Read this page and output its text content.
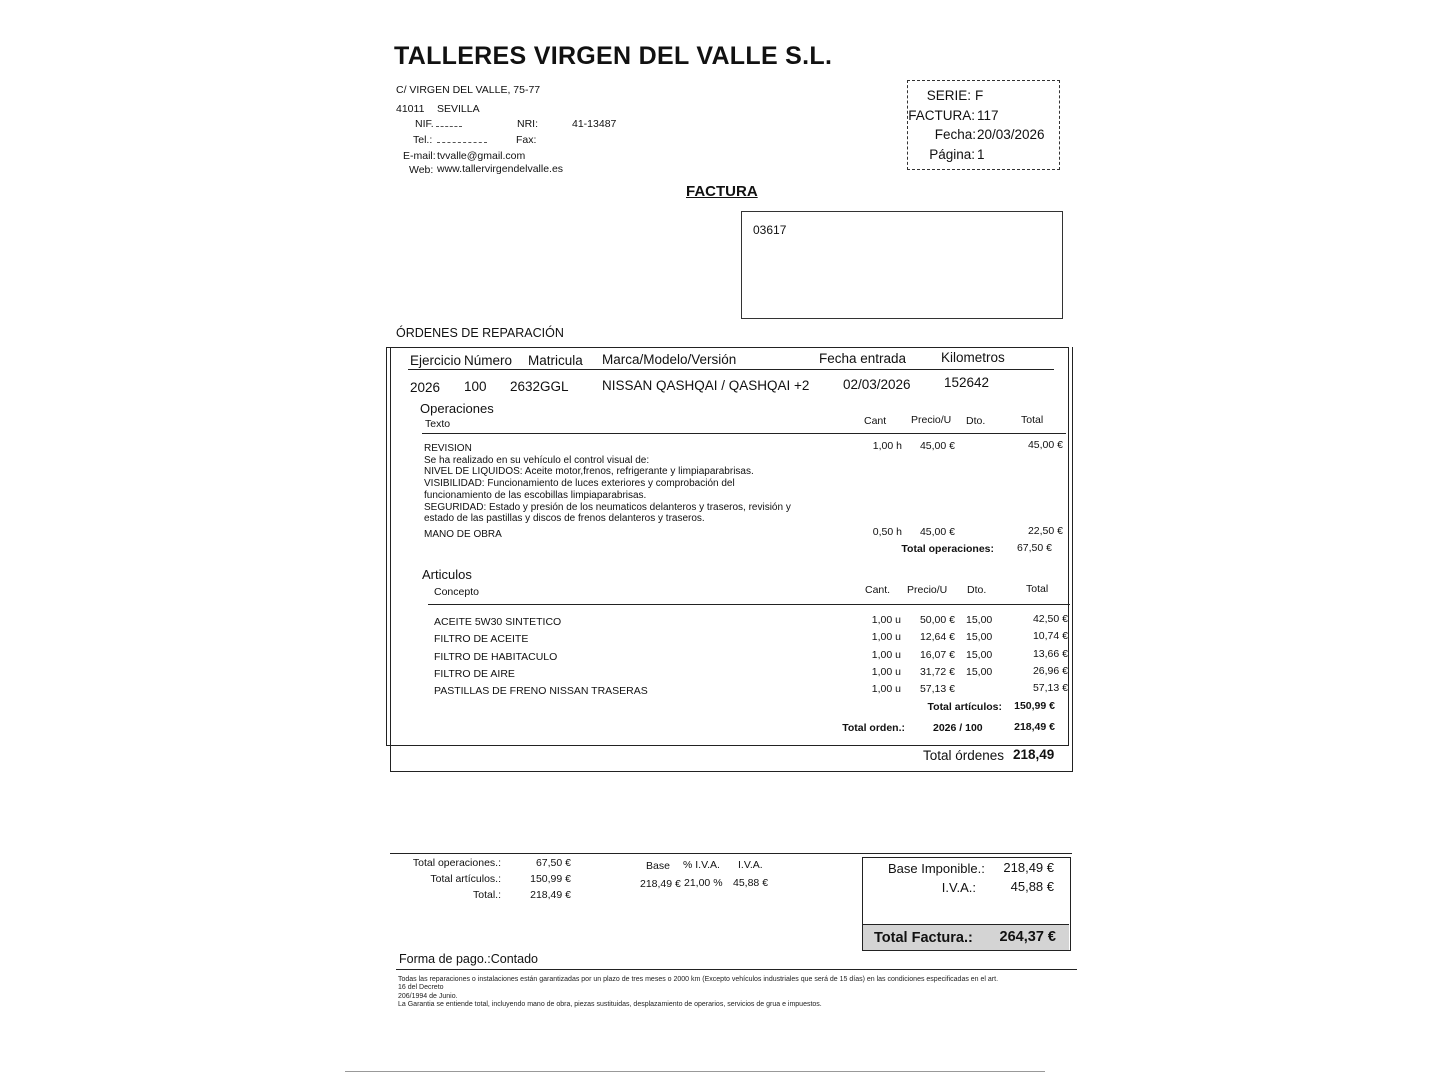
TALLERES VIRGEN DEL VALLE S.L.
C/ VIRGEN DEL VALLE, 75-77
41011 SEVILLA
NIF.	NRI:	41-13487
Tel.:	Fax:
E-mail: tvvalle@gmail.com
Web: www.tallervirgendelvalle.es
SERIE: F
FACTURA: 117
Fecha: 20/03/2026
Página: 1
FACTURA
03617
ÓRDENES DE REPARACIÓN
Ejercicio Número Matricula Marca/Modelo/Versión	Fecha entrada	Kilometros
2026 100 2632GGL NISSAN QASHQAI / QASHQAI +2 02/03/2026 152642
Operaciones
Texto	Cant Precio/U Dto.	Total
REVISION
Se ha realizado en su vehículo el control visual de:
NIVEL DE LIQUIDOS: Aceite motor,frenos, refrigerante y limpiaparabrisas.
VISIBILIDAD: Funcionamiento de luces exteriores y comprobación del
funcionamiento de las escobillas limpiaparabrisas.
SEGURIDAD: Estado y presión de los neumaticos delanteros y traseros, revisión y
estado de las pastillas y discos de frenos delanteros y traseros.
1,00 h	45,00 €	45,00 €
MANO DE OBRA	0,50 h	45,00 €	22,50 €
Total operaciones:	67,50 €
Articulos
Concepto	Cant. Precio/U Dto.	Total
ACEITE 5W30 SINTETICO	1,00 u	50,00 € 15,00	42,50 €
FILTRO DE ACEITE	1,00 u	12,64 € 15,00	10,74 €
FILTRO DE HABITACULO	1,00 u	16,07 € 15,00	13,66 €
FILTRO DE AIRE	1,00 u	31,72 € 15,00	26,96 €
PASTILLAS DE FRENO NISSAN TRASERAS	1,00 u	57,13 €	57,13 €
Total artículos:	150,99 €
Total orden.:	2026 / 100	218,49 €
Total órdenes 218,49
Total operaciones.:	67,50 €
Total artículos.:	150,99 €
Total.:	218,49 €
Base % I.V.A. I.V.A.
218,49 € 21,00 % 45,88 €
Base Imponible.:	218,49 €
I.V.A.:	45,88 €
Total Factura.:	264,37 €
Forma de pago.:Contado
Todas las reparaciones o instalaciones están garantizadas por un plazo de tres meses o 2000 km (Excepto vehículos industriales que será de 15 días) en las condiciones especificadas en el art.
16 del Decreto
206/1994 de Junio.
La Garantia se entiende total, incluyendo mano de obra, piezas sustituidas, desplazamiento de operarios, servicios de grua e impuestos.
